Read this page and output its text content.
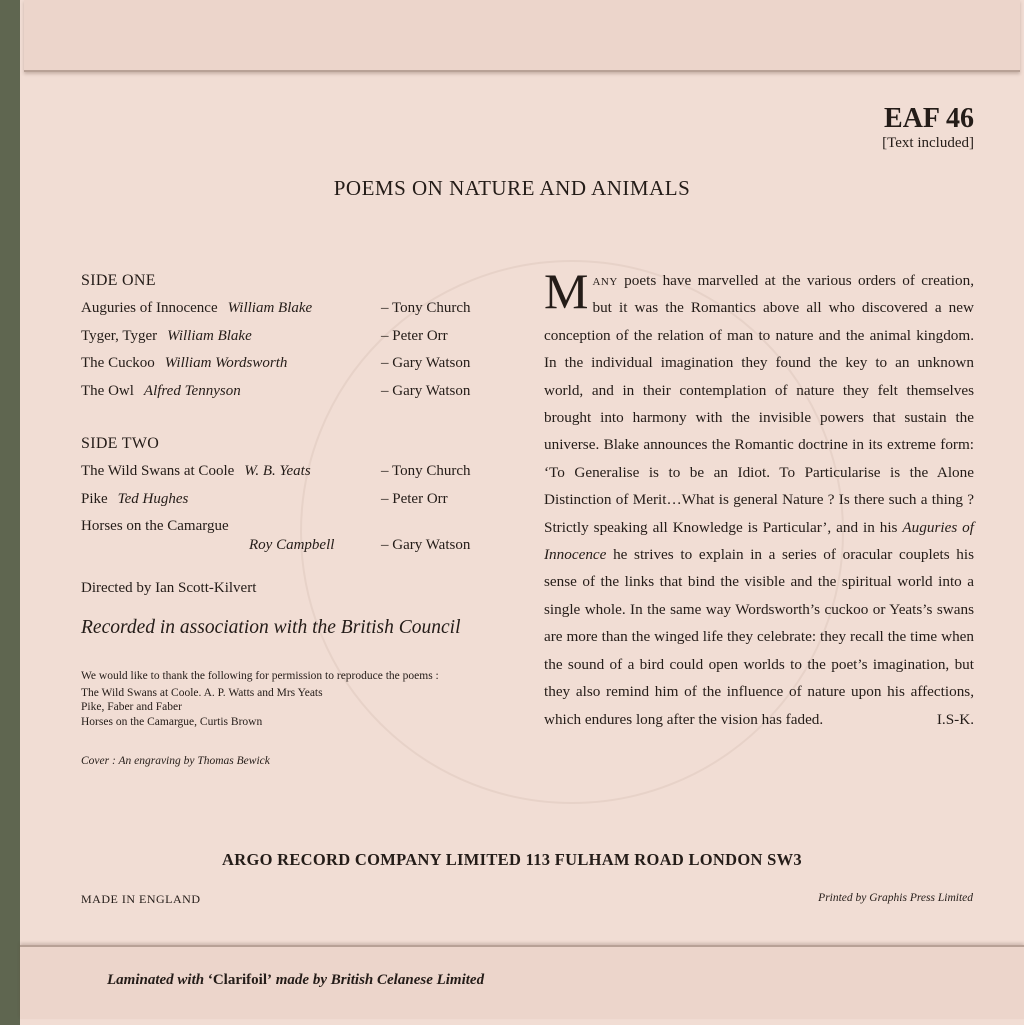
EAF 46
[Text included]
POEMS ON NATURE AND ANIMALS
SIDE ONE
Auguries of Innocence William Blake	– Tony Church
Tyger, Tyger William Blake	– Peter Orr
The Cuckoo William Wordsworth	– Gary Watson
The Owl Alfred Tennyson	– Gary Watson
SIDE TWO
The Wild Swans at Coole W. B. Yeats	– Tony Church
Pike Ted Hughes	– Peter Orr
Horses on the Camargue
Roy Campbell	– Gary Watson
Directed by Ian Scott-Kilvert
Recorded in association with the British Council
We would like to thank the following for permission to reproduce the poems :
The Wild Swans at Coole. A. P. Watts and Mrs Yeats
Pike, Faber and Faber
Horses on the Camargue, Curtis Brown
Cover : An engraving by Thomas Bewick
Many poets have marvelled at the various orders of creation, but it was the Romantics above all who discovered a new conception of the relation of man to nature and the animal kingdom. In the individual imagination they found the key to an unknown world, and in their contemplation of nature they felt themselves brought into harmony with the invisible powers that sustain the universe. Blake announces the Romantic doctrine in its extreme form: ‘To Generalise is to be an Idiot. To Particularise is the Alone Distinction of Merit…What is general Nature ? Is there such a thing ? Strictly speaking all Knowledge is Particular’, and in his Auguries of Innocence he strives to explain in a series of oracular couplets his sense of the links that bind the visible and the spiritual world into a single whole. In the same way Wordsworth’s cuckoo or Yeats’s swans are more than the winged life they celebrate: they recall the time when the sound of a bird could open worlds to the poet’s imagination, but they also remind him of the influence of nature upon his affections, which endures long after the vision has faded.	I.S-K.
ARGO RECORD COMPANY LIMITED 113 FULHAM ROAD LONDON SW3
MADE IN ENGLAND	Printed by Graphis Press Limited
Laminated with ‘Clarifoil’ made by British Celanese Limited
